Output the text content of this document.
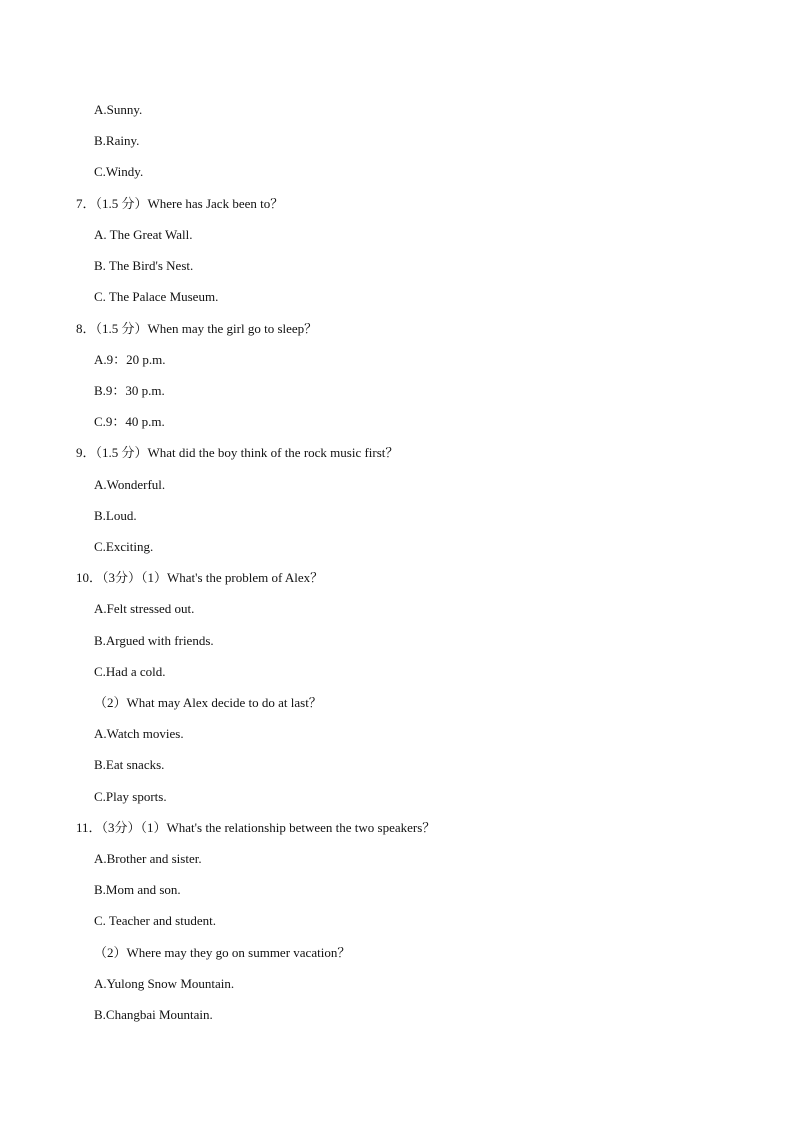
A.Sunny.
B.Rainy.
C.Windy.
7．（1.5 分）Where has Jack been to？
A. The Great Wall.
B. The Bird's Nest.
C. The Palace Museum.
8．（1.5 分）When may the girl go to sleep？
A.9：20 p.m.
B.9：30 p.m.
C.9：40 p.m.
9．（1.5 分）What did the boy think of the rock music first？
A.Wonderful.
B.Loud.
C.Exciting.
10．（3分）（1）What's the problem of Alex？
A.Felt stressed out.
B.Argued with friends.
C.Had a cold.
（2）What may Alex decide to do at last？
A.Watch movies.
B.Eat snacks.
C.Play sports.
11．（3分）（1）What's the relationship between the two speakers？
A.Brother and sister.
B.Mom and son.
C. Teacher and student.
（2）Where may they go on summer vacation？
A.Yulong Snow Mountain.
B.Changbai Mountain.
